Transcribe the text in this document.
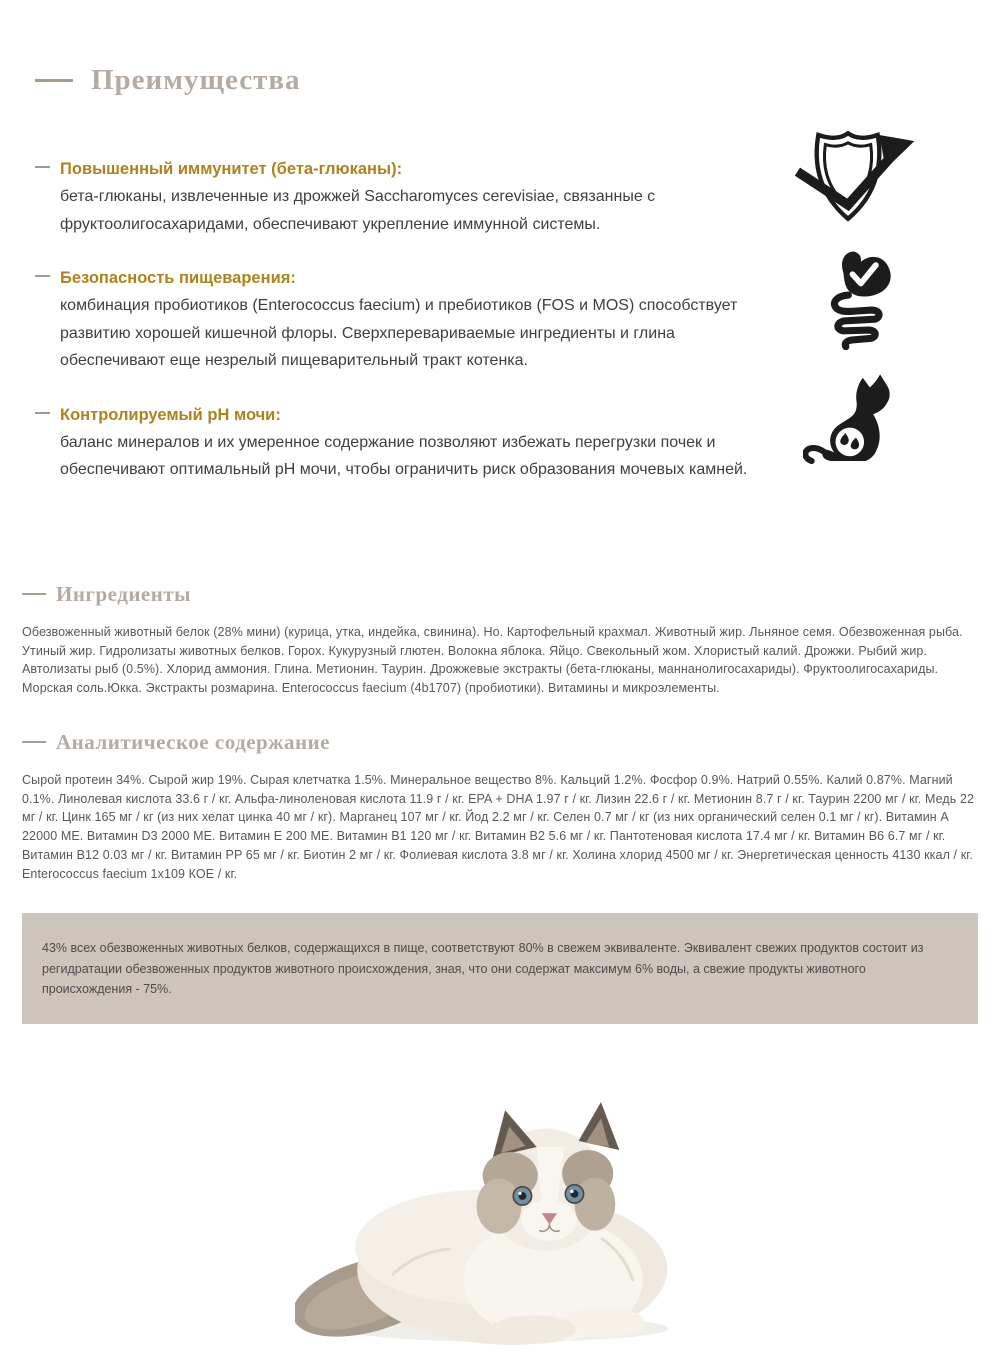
Преимущества
Повышенный иммунитет (бета-глюканы):
бета-глюканы, извлеченные из дрожжей Saccharomyces cerevisiae, связанные с фруктоолигосахаридами, обеспечивают укрепление иммунной системы.
Безопасность пищеварения:
комбинация пробиотиков (Enterococcus faecium) и пребиотиков (FOS и MOS) способствует развитию хорошей кишечной флоры. Сверхперевариваемые ингредиенты и глина обеспечивают еще незрелый пищеварительный тракт котенка.
Контролируемый pH мочи:
баланс минералов и их умеренное содержание позволяют избежать перегрузки почек и обеспечивают оптимальный pH мочи, чтобы ограничить риск образования мочевых камней.
Ингредиенты

Обезвоженный животный белок (28% мини) (курица, утка, индейка, свинина). Но. Картофельный крахмал. Животный жир. Льняное семя. Обезвоженная рыба. Утиный жир. Гидролизаты животных белков. Горох. Кукурузный глютен. Волокна яблока. Яйцо. Свекольный жом. Хлористый калий. Дрожжи. Рыбий жир. Автолизаты рыб (0.5%). Хлорид аммония. Глина. Метионин. Таурин. Дрожжевые экстракты (бета-глюканы, маннанолигосахариды). Фруктоолигосахариды. Морская соль.Юкка. Экстракты розмарина. Enterococcus faecium (4b1707) (пробиотики). Витамины и микроэлементы.

Аналитическое содержание

Сырой протеин 34%. Сырой жир 19%. Сырая клетчатка 1.5%. Минеральное вещество 8%. Кальций 1.2%. Фосфор 0.9%. Натрий 0.55%. Калий 0.87%. Магний 0.1%. Линолевая кислота 33.6 г / кг. Альфа-линоленовая кислота 11.9 г / кг. EPA + DHA 1.97 г / кг. Лизин 22.6 г / кг. Метионин 8.7 г / кг. Таурин 2200 мг / кг. Медь 22 мг / кг. Цинк 165 мг / кг (из них хелат цинка 40 мг / кг). Марганец 107 мг / кг. Йод 2.2 мг / кг. Селен 0.7 мг / кг (из них органический селен 0.1 мг / кг). Витамин A 22000 МЕ. Витамин D3 2000 МЕ. Витамин E 200 МЕ. Витамин B1 120 мг / кг. Витамин B2 5.6 мг / кг. Пантотеновая кислота 17.4 мг / кг. Витамин B6 6.7 мг / кг. Витамин B12 0.03 мг / кг. Витамин PP 65 мг / кг. Биотин 2 мг / кг. Фолиевая кислота 3.8 мг / кг. Холина хлорид 4500 мг / кг. Энергетическая ценность 4130 ккал / кг. Enterococcus faecium 1x109 КОЕ / кг.

43% всех обезвоженных животных белков, содержащихся в пище, соответствуют 80% в свежем эквиваленте. Эквивалент свежих продуктов состоит из регидратации обезвоженных продуктов животного происхождения, зная, что они содержат максимум 6% воды, а свежие продукты животного происхождения - 75%.
